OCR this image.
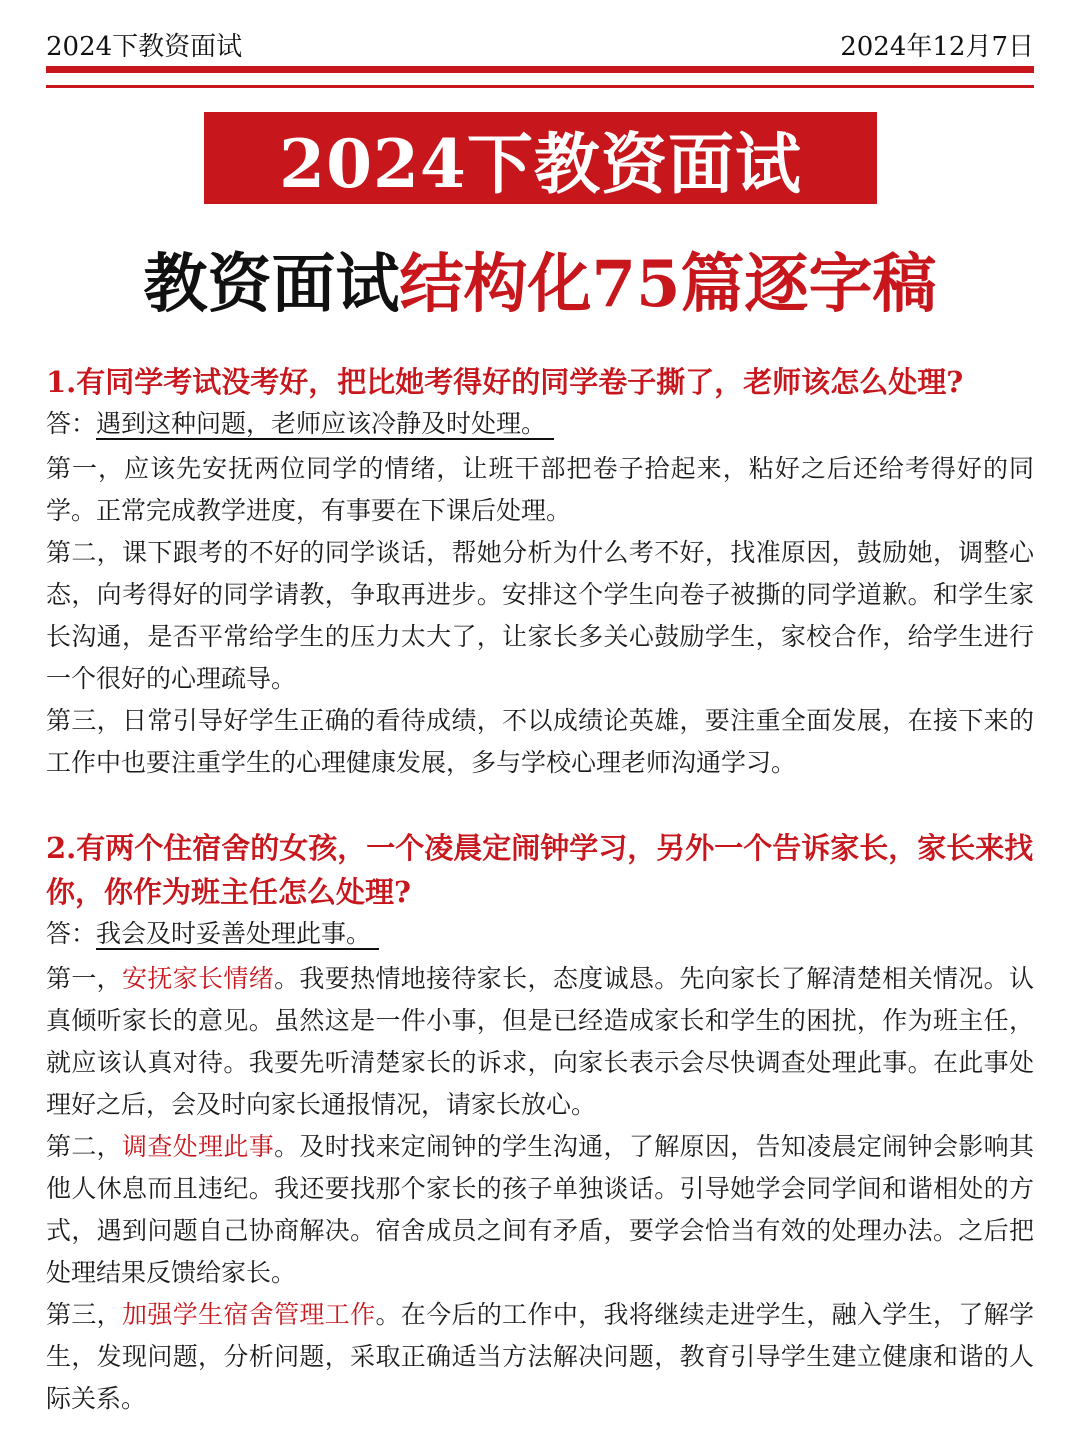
2024下教资面试	2024年12月7日
2024下教资面试
教资面试结构化75篇逐字稿

1.有同学考试没考好，把比她考得好的同学卷子撕了，老师该怎么处理?

答：遇到这种问题，老师应该冷静及时处理。

第一，应该先安抚两位同学的情绪，让班干部把卷子拾起来，粘好之后还给考得好的同学。正常完成教学进度，有事要在下课后处理。

第二，课下跟考的不好的同学谈话，帮她分析为什么考不好，找准原因，鼓励她，调整心态，向考得好的同学请教，争取再进步。安排这个学生向卷子被撕的同学道歉。和学生家长沟通，是否平常给学生的压力太大了，让家长多关心鼓励学生，家校合作，给学生进行一个很好的心理疏导。

第三，日常引导好学生正确的看待成绩，不以成绩论英雄，要注重全面发展，在接下来的工作中也要注重学生的心理健康发展，多与学校心理老师沟通学习。

2.有两个住宿舍的女孩，一个凌晨定闹钟学习，另外一个告诉家长，家长来找你，你作为班主任怎么处理?

答：我会及时妥善处理此事。

第一，安抚家长情绪。我要热情地接待家长，态度诚恳。先向家长了解清楚相关情况。认真倾听家长的意见。虽然这是一件小事，但是已经造成家长和学生的困扰，作为班主任，就应该认真对待。我要先听清楚家长的诉求，向家长表示会尽快调查处理此事。在此事处理好之后，会及时向家长通报情况，请家长放心。

第二，调查处理此事。及时找来定闹钟的学生沟通，了解原因，告知凌晨定闹钟会影响其他人休息而且违纪。我还要找那个家长的孩子单独谈话。引导她学会同学间和谐相处的方式，遇到问题自己协商解决。宿舍成员之间有矛盾，要学会恰当有效的处理办法。之后把处理结果反馈给家长。

第三，加强学生宿舍管理工作。在今后的工作中，我将继续走进学生，融入学生，了解学生，发现问题，分析问题，采取正确适当方法解决问题，教育引导学生建立健康和谐的人际关系。
